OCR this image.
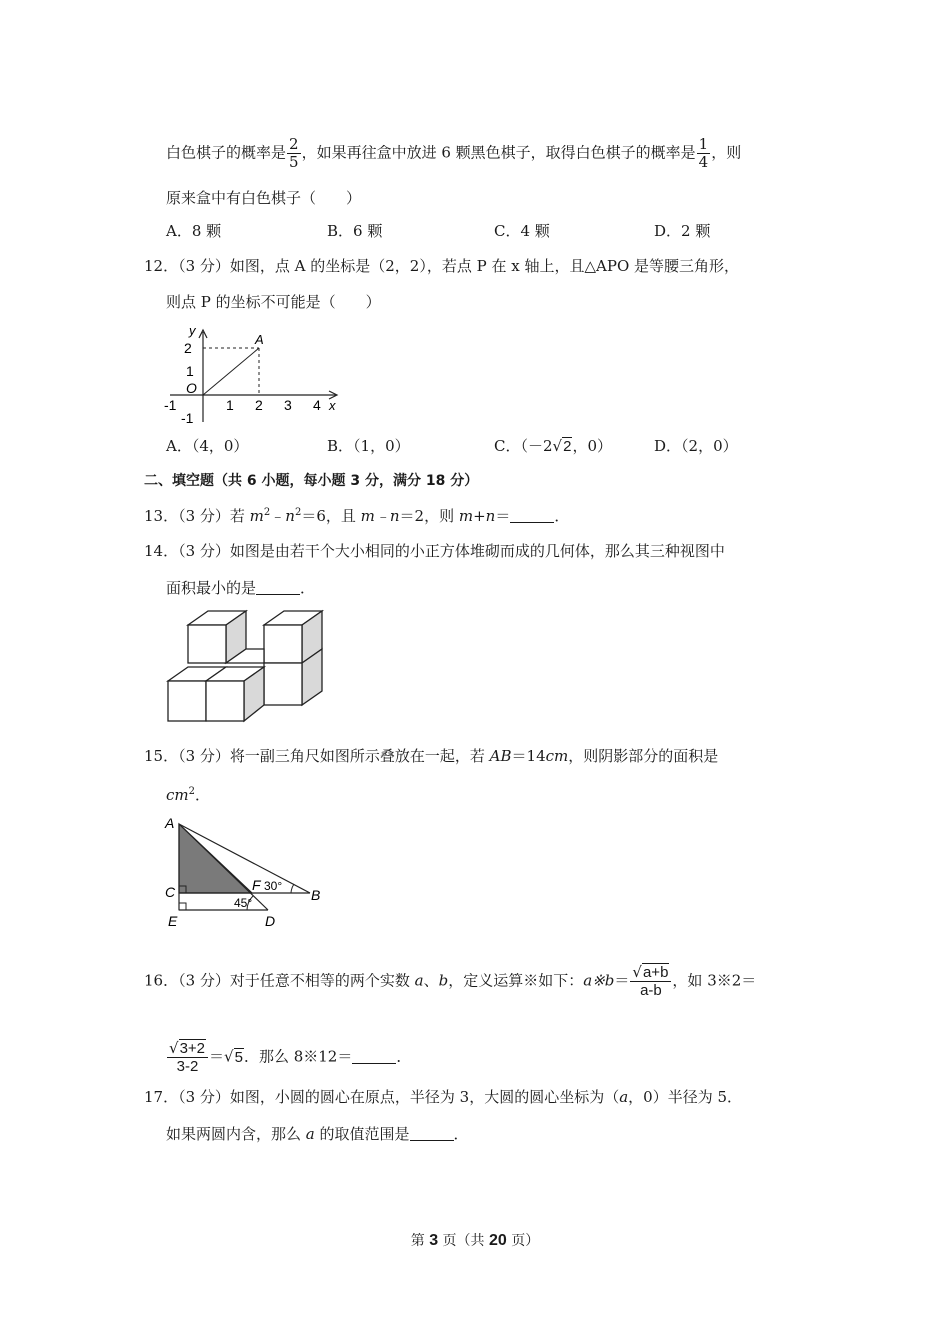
白色棋子的概率是 $\frac{2}{5}$ ，如果再往盒中放进 6 颗黑色棋子，取得白色棋子的概率是 $\frac{1}{4}$ ，则
原来盒中有白色棋子（　　）
A．8 颗	B．6 颗	C．4 颗	D．2 颗
12．（3 分）如图，点 A 的坐标是（2，2），若点 P 在 x 轴上，且△APO 是等腰三角形，
则点 P 的坐标不可能是（　　）
y
2
1
O
-1
-1	1 2 3 4 x
A
A．（4，0）	B．（1，0）	C．（－2√2，0）	D．（2，0）
二、填空题（共 6 小题，每小题 3 分，满分 18 分）
13．（3 分）若 $m^2﹣n^2=6$，且 m﹣n＝2，则 m+n＝	．
14．（3 分）如图是由若干个大小相同的小正方体堆砌而成的几何体，那么其三种视图中
面积最小的是	．
15．（3 分）将一副三角尺如图所示叠放在一起，若 AB＝14cm，则阴影部分的面积是
$cm^2$．
A
C	F 30°
B
45°
E	D
16．（3 分）对于任意不相等的两个实数 a、b，定义运算※如下：a※b＝ $\frac{√a+b}{a-b}$ ，如 3※2＝
$\frac{√3+2}{3-2} =√5$．那么 8※12＝	．
17．（3 分）如图，小圆的圆心在原点，半径为 3，大圆的圆心坐标为（a，0）半径为 5．
如果两圆内含，那么 a 的取值范围是	．
第 3 页（共 20 页）
